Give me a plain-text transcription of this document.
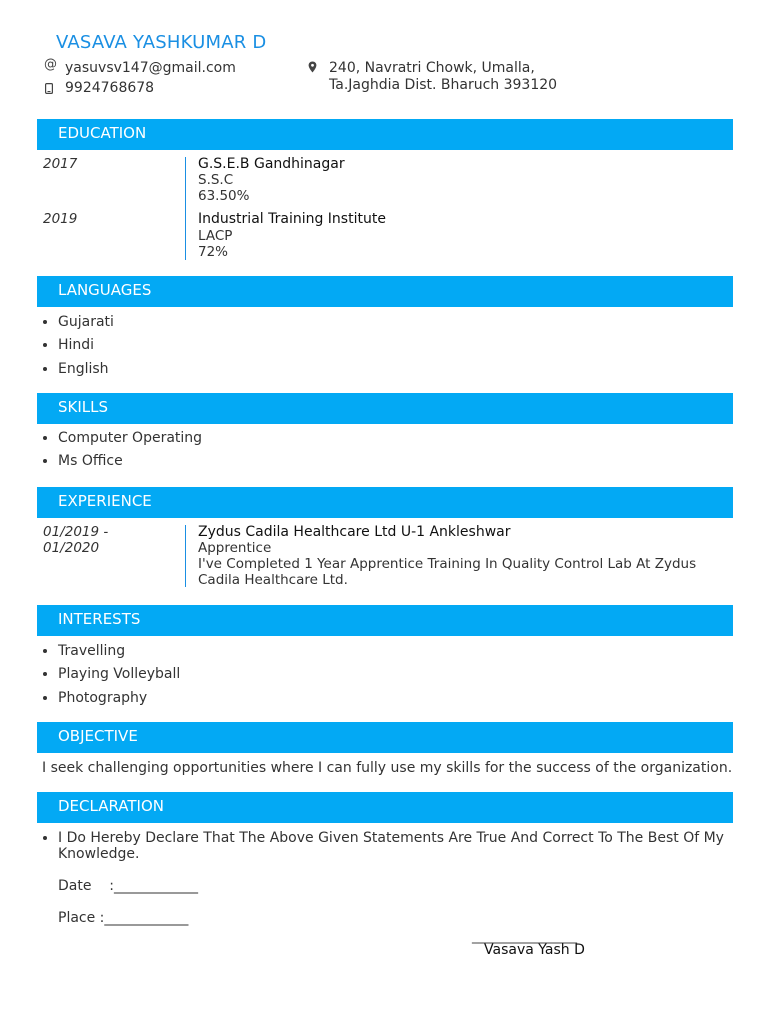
VASAVA YASHKUMAR D
@ yasuvsv147@gmail.com
9924768678
240, Navratri Chowk, Umalla,
Ta.Jaghdia Dist. Bharuch 393120
EDUCATION
2017	G.S.E.B Gandhinagar
S.S.C
63.50%
2019	Industrial Training Institute
LACP
72%
LANGUAGES
• Gujarati
• Hindi
• English
SKILLS
• Computer Operating
• Ms Office
EXPERIENCE
01/2019 -
01/2020
Zydus Cadila Healthcare Ltd U-1 Ankleshwar
Apprentice
I've Completed 1 Year Apprentice Training In Quality Control Lab At Zydus
Cadila Healthcare Ltd.
INTERESTS
• Travelling
• Playing Volleyball
• Photography
OBJECTIVE
I seek challenging opportunities where I can fully use my skills for the success of the organization.
DECLARATION
• I Do Hereby Declare That The Above Given Statements Are True And Correct To The Best Of My
Knowledge.
Date    :____________
Place :____________
_______________
Vasava Yash D
